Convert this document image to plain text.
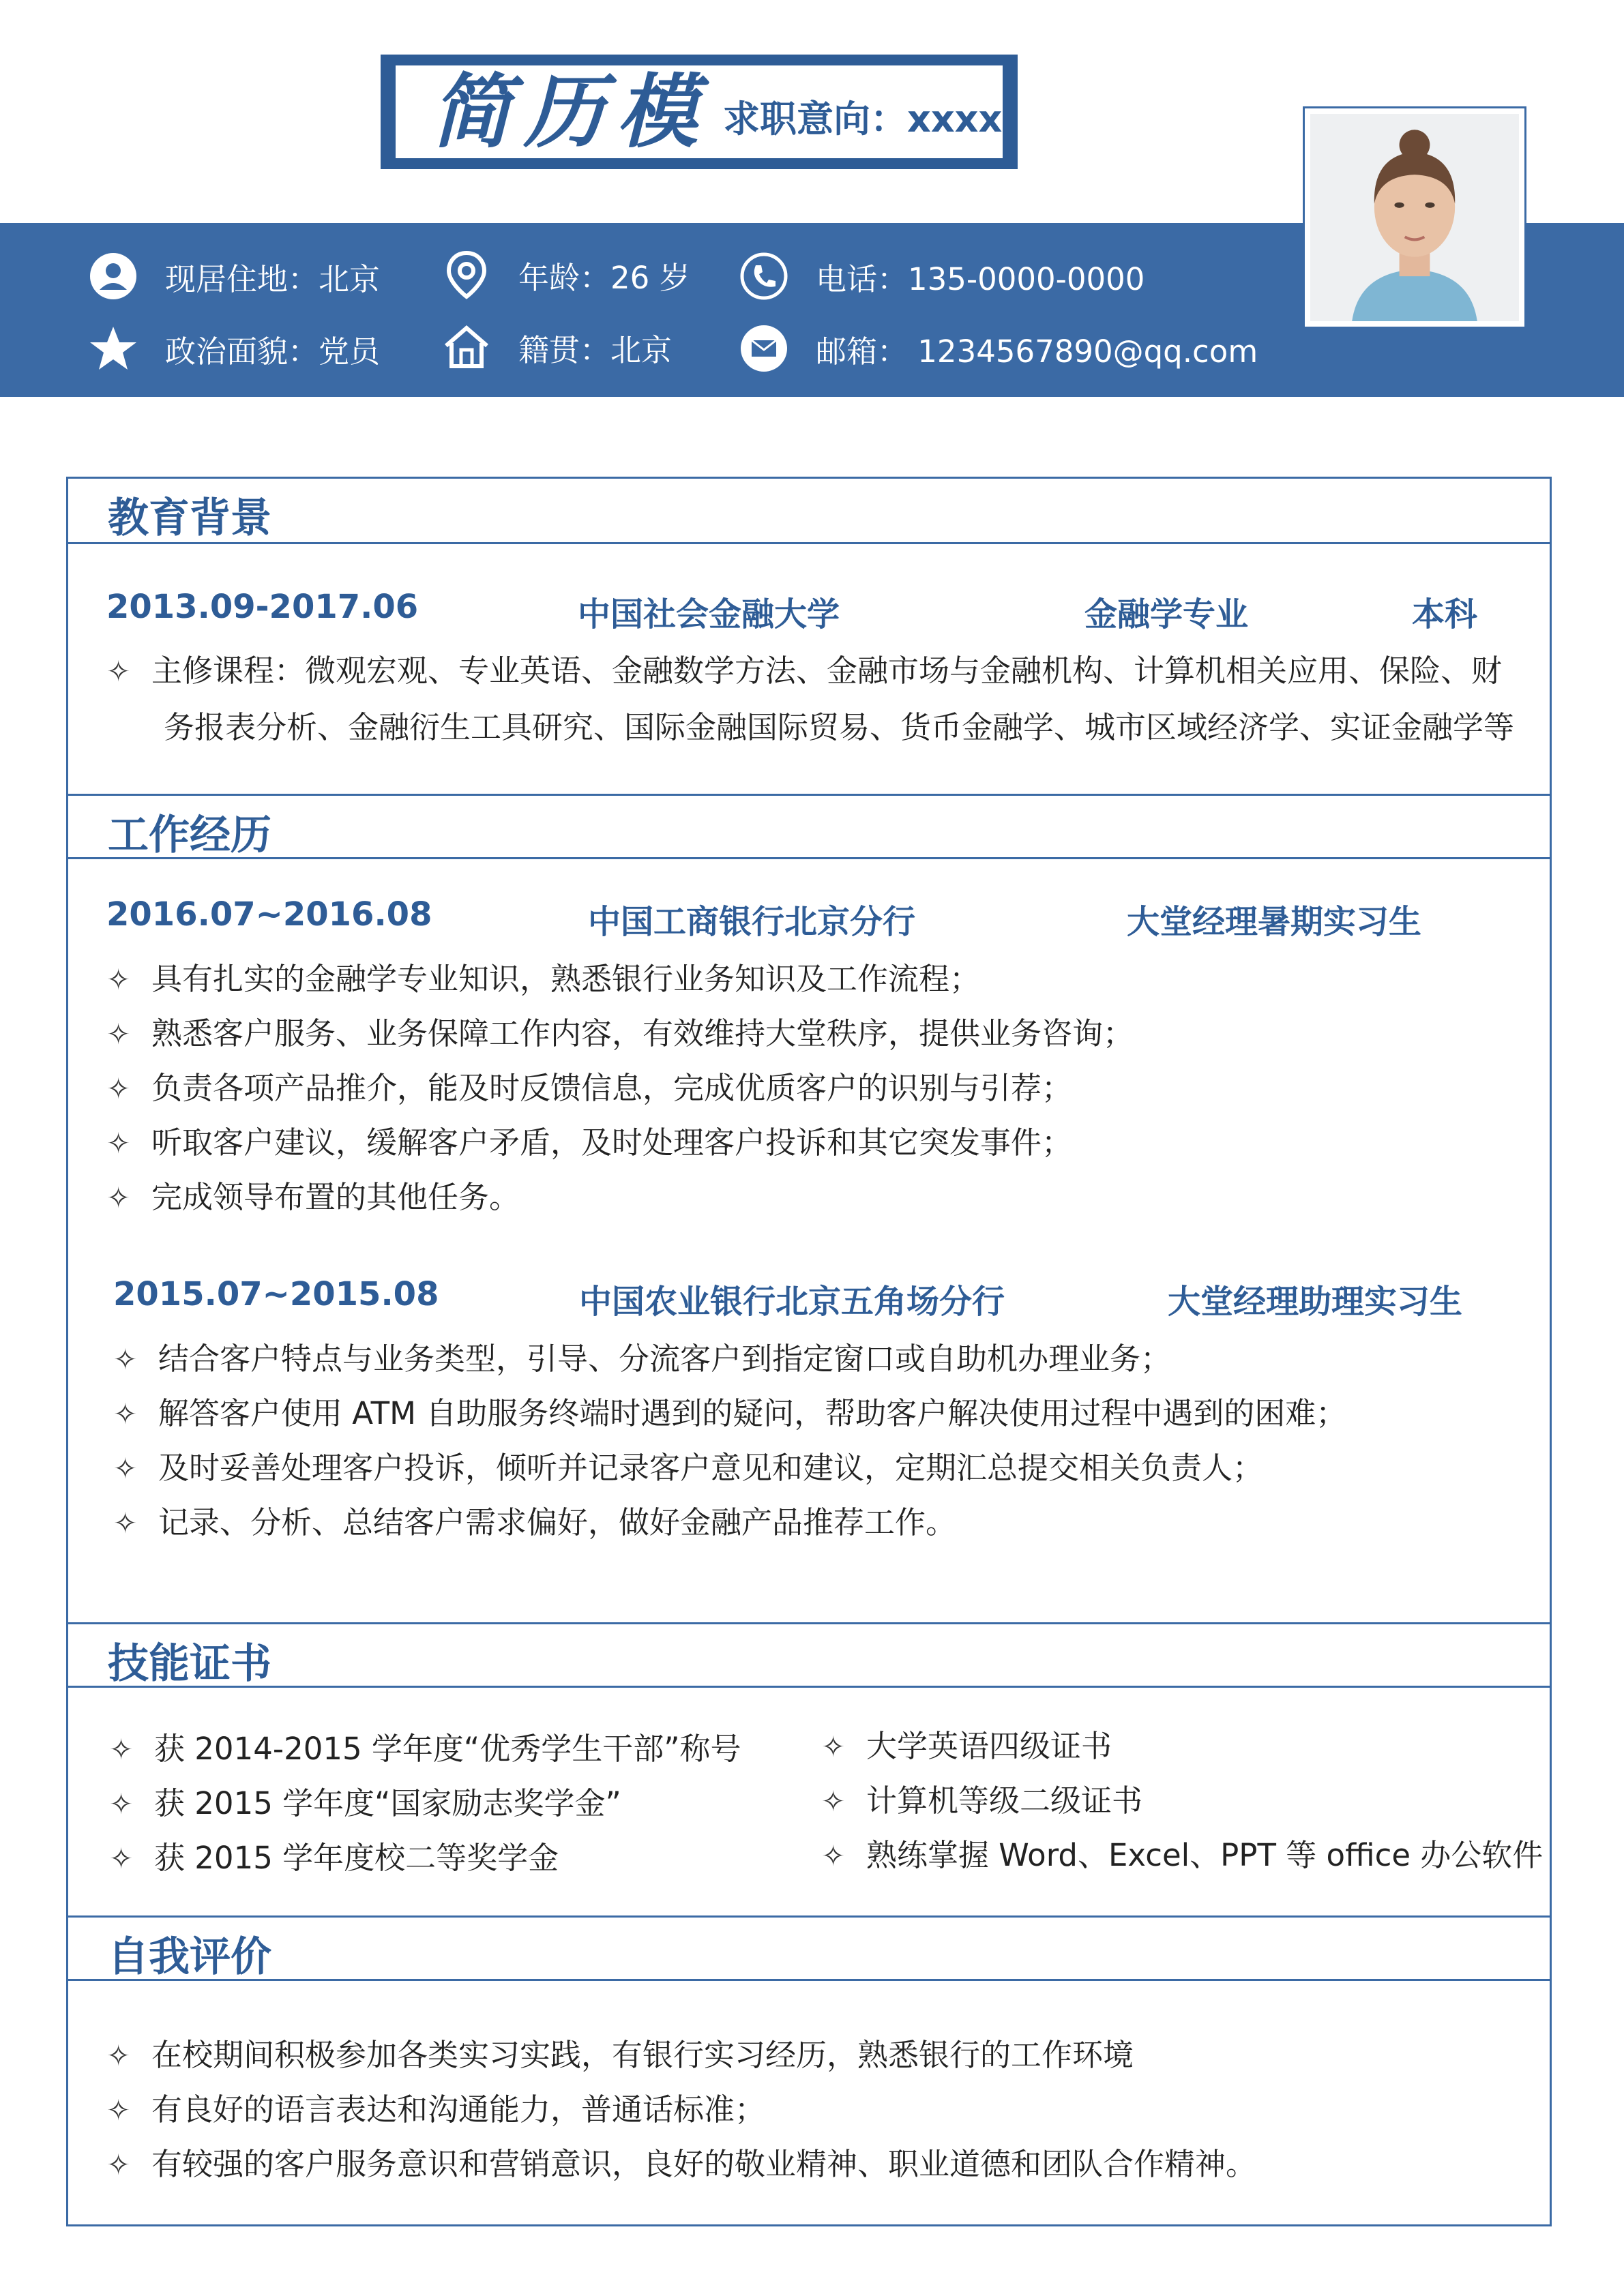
简历模 求职意向：xxxx
现居住地：北京	年龄：26 岁	电话：135-0000-0000
政治面貌：党员	籍贯：北京	邮箱： 1234567890@qq.com
教育背景
2013.09-2017.06	中国社会金融大学	金融学专业	本科
✧ 主修课程：微观宏观、专业英语、金融数学方法、金融市场与金融机构、计算机相关应用、保险、财
务报表分析、金融衍生工具研究、国际金融国际贸易、货币金融学、城市区域经济学、实证金融学等
工作经历
2016.07~2016.08	中国工商银行北京分行	大堂经理暑期实习生
✧ 具有扎实的金融学专业知识，熟悉银行业务知识及工作流程；
✧ 熟悉客户服务、业务保障工作内容，有效维持大堂秩序，提供业务咨询；
✧ 负责各项产品推介，能及时反馈信息，完成优质客户的识别与引荐；
✧ 听取客户建议，缓解客户矛盾，及时处理客户投诉和其它突发事件；
✧ 完成领导布置的其他任务。
2015.07~2015.08	中国农业银行北京五角场分行	大堂经理助理实习生
✧ 结合客户特点与业务类型，引导、分流客户到指定窗口或自助机办理业务；
✧ 解答客户使用 ATM 自助服务终端时遇到的疑问，帮助客户解决使用过程中遇到的困难；
✧ 及时妥善处理客户投诉，倾听并记录客户意见和建议，定期汇总提交相关负责人；
✧ 记录、分析、总结客户需求偏好，做好金融产品推荐工作。
技能证书
✧ 获 2014-2015 学年度“优秀学生干部”称号
✧ 获 2015 学年度“国家励志奖学金”
✧ 获 2015 学年度校二等奖学金
✧ 大学英语四级证书
✧ 计算机等级二级证书
✧ 熟练掌握 Word、Excel、PPT 等 office 办公软件
自我评价
✧ 在校期间积极参加各类实习实践，有银行实习经历，熟悉银行的工作环境
✧ 有良好的语言表达和沟通能力，普通话标准；
✧ 有较强的客户服务意识和营销意识，良好的敬业精神、职业道德和团队合作精神。
